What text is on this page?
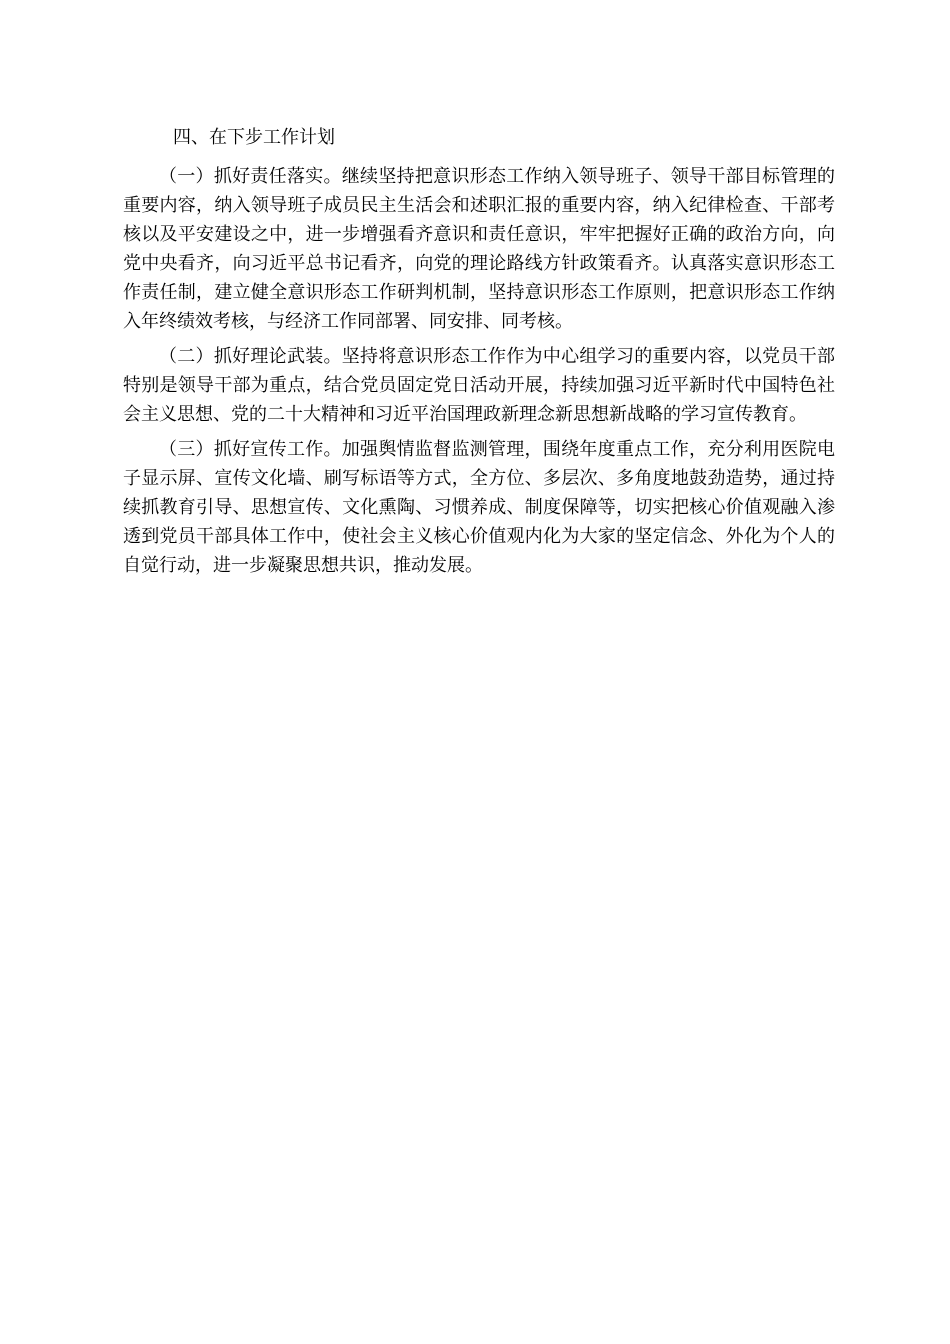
四、在下步工作计划

（一）抓好责任落实。继续坚持把意识形态工作纳入领导班子、领导干部目标管理的重要内容，纳入领导班子成员民主生活会和述职汇报的重要内容，纳入纪律检查、干部考核以及平安建设之中，进一步增强看齐意识和责任意识，牢牢把握好正确的政治方向，向党中央看齐，向习近平总书记看齐，向党的理论路线方针政策看齐。认真落实意识形态工作责任制，建立健全意识形态工作研判机制，坚持意识形态工作原则，把意识形态工作纳入年终绩效考核，与经济工作同部署、同安排、同考核。

（二）抓好理论武装。坚持将意识形态工作作为中心组学习的重要内容，以党员干部特别是领导干部为重点，结合党员固定党日活动开展，持续加强习近平新时代中国特色社会主义思想、党的二十大精神和习近平治国理政新理念新思想新战略的学习宣传教育。

（三）抓好宣传工作。加强舆情监督监测管理，围绕年度重点工作，充分利用医院电子显示屏、宣传文化墙、刷写标语等方式，全方位、多层次、多角度地鼓劲造势，通过持续抓教育引导、思想宣传、文化熏陶、习惯养成、制度保障等，切实把核心价值观融入渗透到党员干部具体工作中，使社会主义核心价值观内化为大家的坚定信念、外化为个人的自觉行动，进一步凝聚思想共识，推动发展。
